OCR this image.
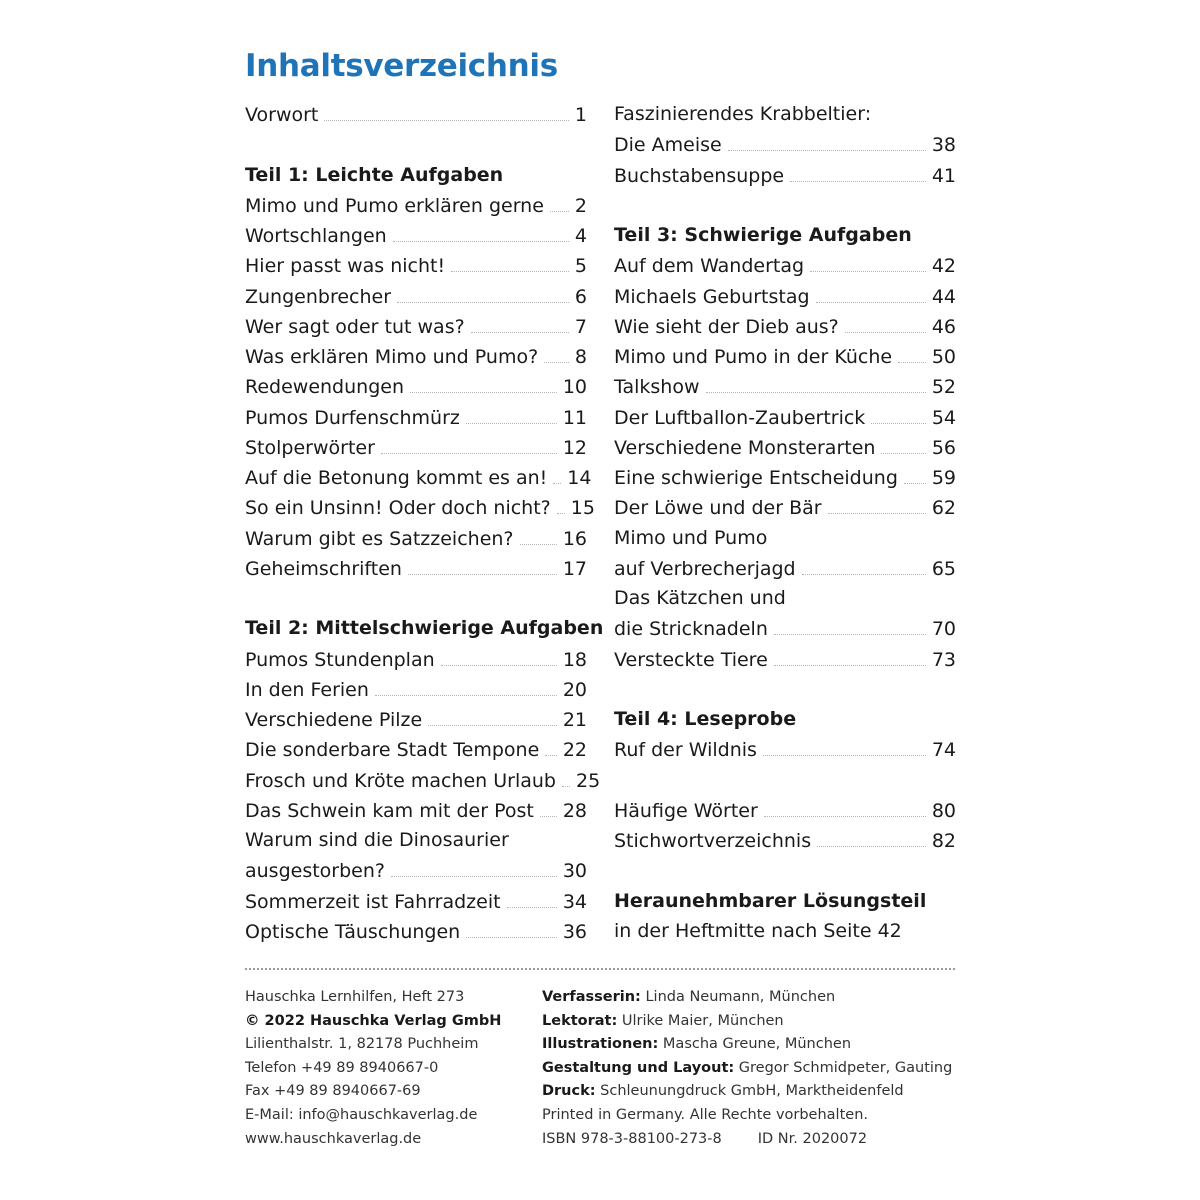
Inhaltsverzeichnis
Vorwort	1
Teil 1: Leichte Aufgaben
Mimo und Pumo erklären gerne 2
Wortschlangen	4
Hier passt was nicht!	5
Zungenbrecher	6
Wer sagt oder tut was?	7
Was erklären Mimo und Pumo? 8
Redewendungen	10
Pumos Durfenschmürz	11
Stolperwörter	12
Auf die Betonung kommt es an! 14
So ein Unsinn! Oder doch nicht? 15
Warum gibt es Satzzeichen?	16
Geheimschriften	17
Teil 2: Mittelschwierige Aufgaben
Pumos Stundenplan	18
In den Ferien	20
Verschiedene Pilze	21
Die sonderbare Stadt Tempone 22
Frosch und Kröte machen Urlaub 25
Das Schwein kam mit der Post 28
Warum sind die Dinosaurier
ausgestorben?	30
Sommerzeit ist Fahrradzeit	34
Optische Täuschungen	36
Faszinierendes Krabbeltier:
Die Ameise	38
Buchstabensuppe	41
Teil 3: Schwierige Aufgaben
Auf dem Wandertag	42
Michaels Geburtstag	44
Wie sieht der Dieb aus?	46
Mimo und Pumo in der Küche 50
Talkshow	52
Der Luftballon-Zaubertrick	54
Verschiedene Monsterarten	56
Eine schwierige Entscheidung 59
Der Löwe und der Bär	62
Mimo und Pumo
auf Verbrecherjagd	65
Das Kätzchen und
die Stricknadeln	70
Versteckte Tiere	73
Teil 4: Leseprobe
Ruf der Wildnis	74
Häufige Wörter	80
Stichwortverzeichnis	82
Heraunehmbarer Lösungsteil
in der Heftmitte nach Seite 42
Hauschka Lernhilfen, Heft 273
© 2022 Hauschka Verlag GmbH
Lilienthalstr. 1, 82178 Puchheim
Telefon +49 89 8940667-0
Fax +49 89 8940667-69
E-Mail: info@hauschkaverlag.de
www.hauschkaverlag.de
Verfasserin: Linda Neumann, München
Lektorat: Ulrike Maier, München
Illustrationen: Mascha Greune, München
Gestaltung und Layout: Gregor Schmidpeter, Gauting
Druck: Schleunungdruck GmbH, Marktheidenfeld
Printed in Germany. Alle Rechte vorbehalten.
ISBN 978-3-88100-273-8 ID Nr. 2020072
